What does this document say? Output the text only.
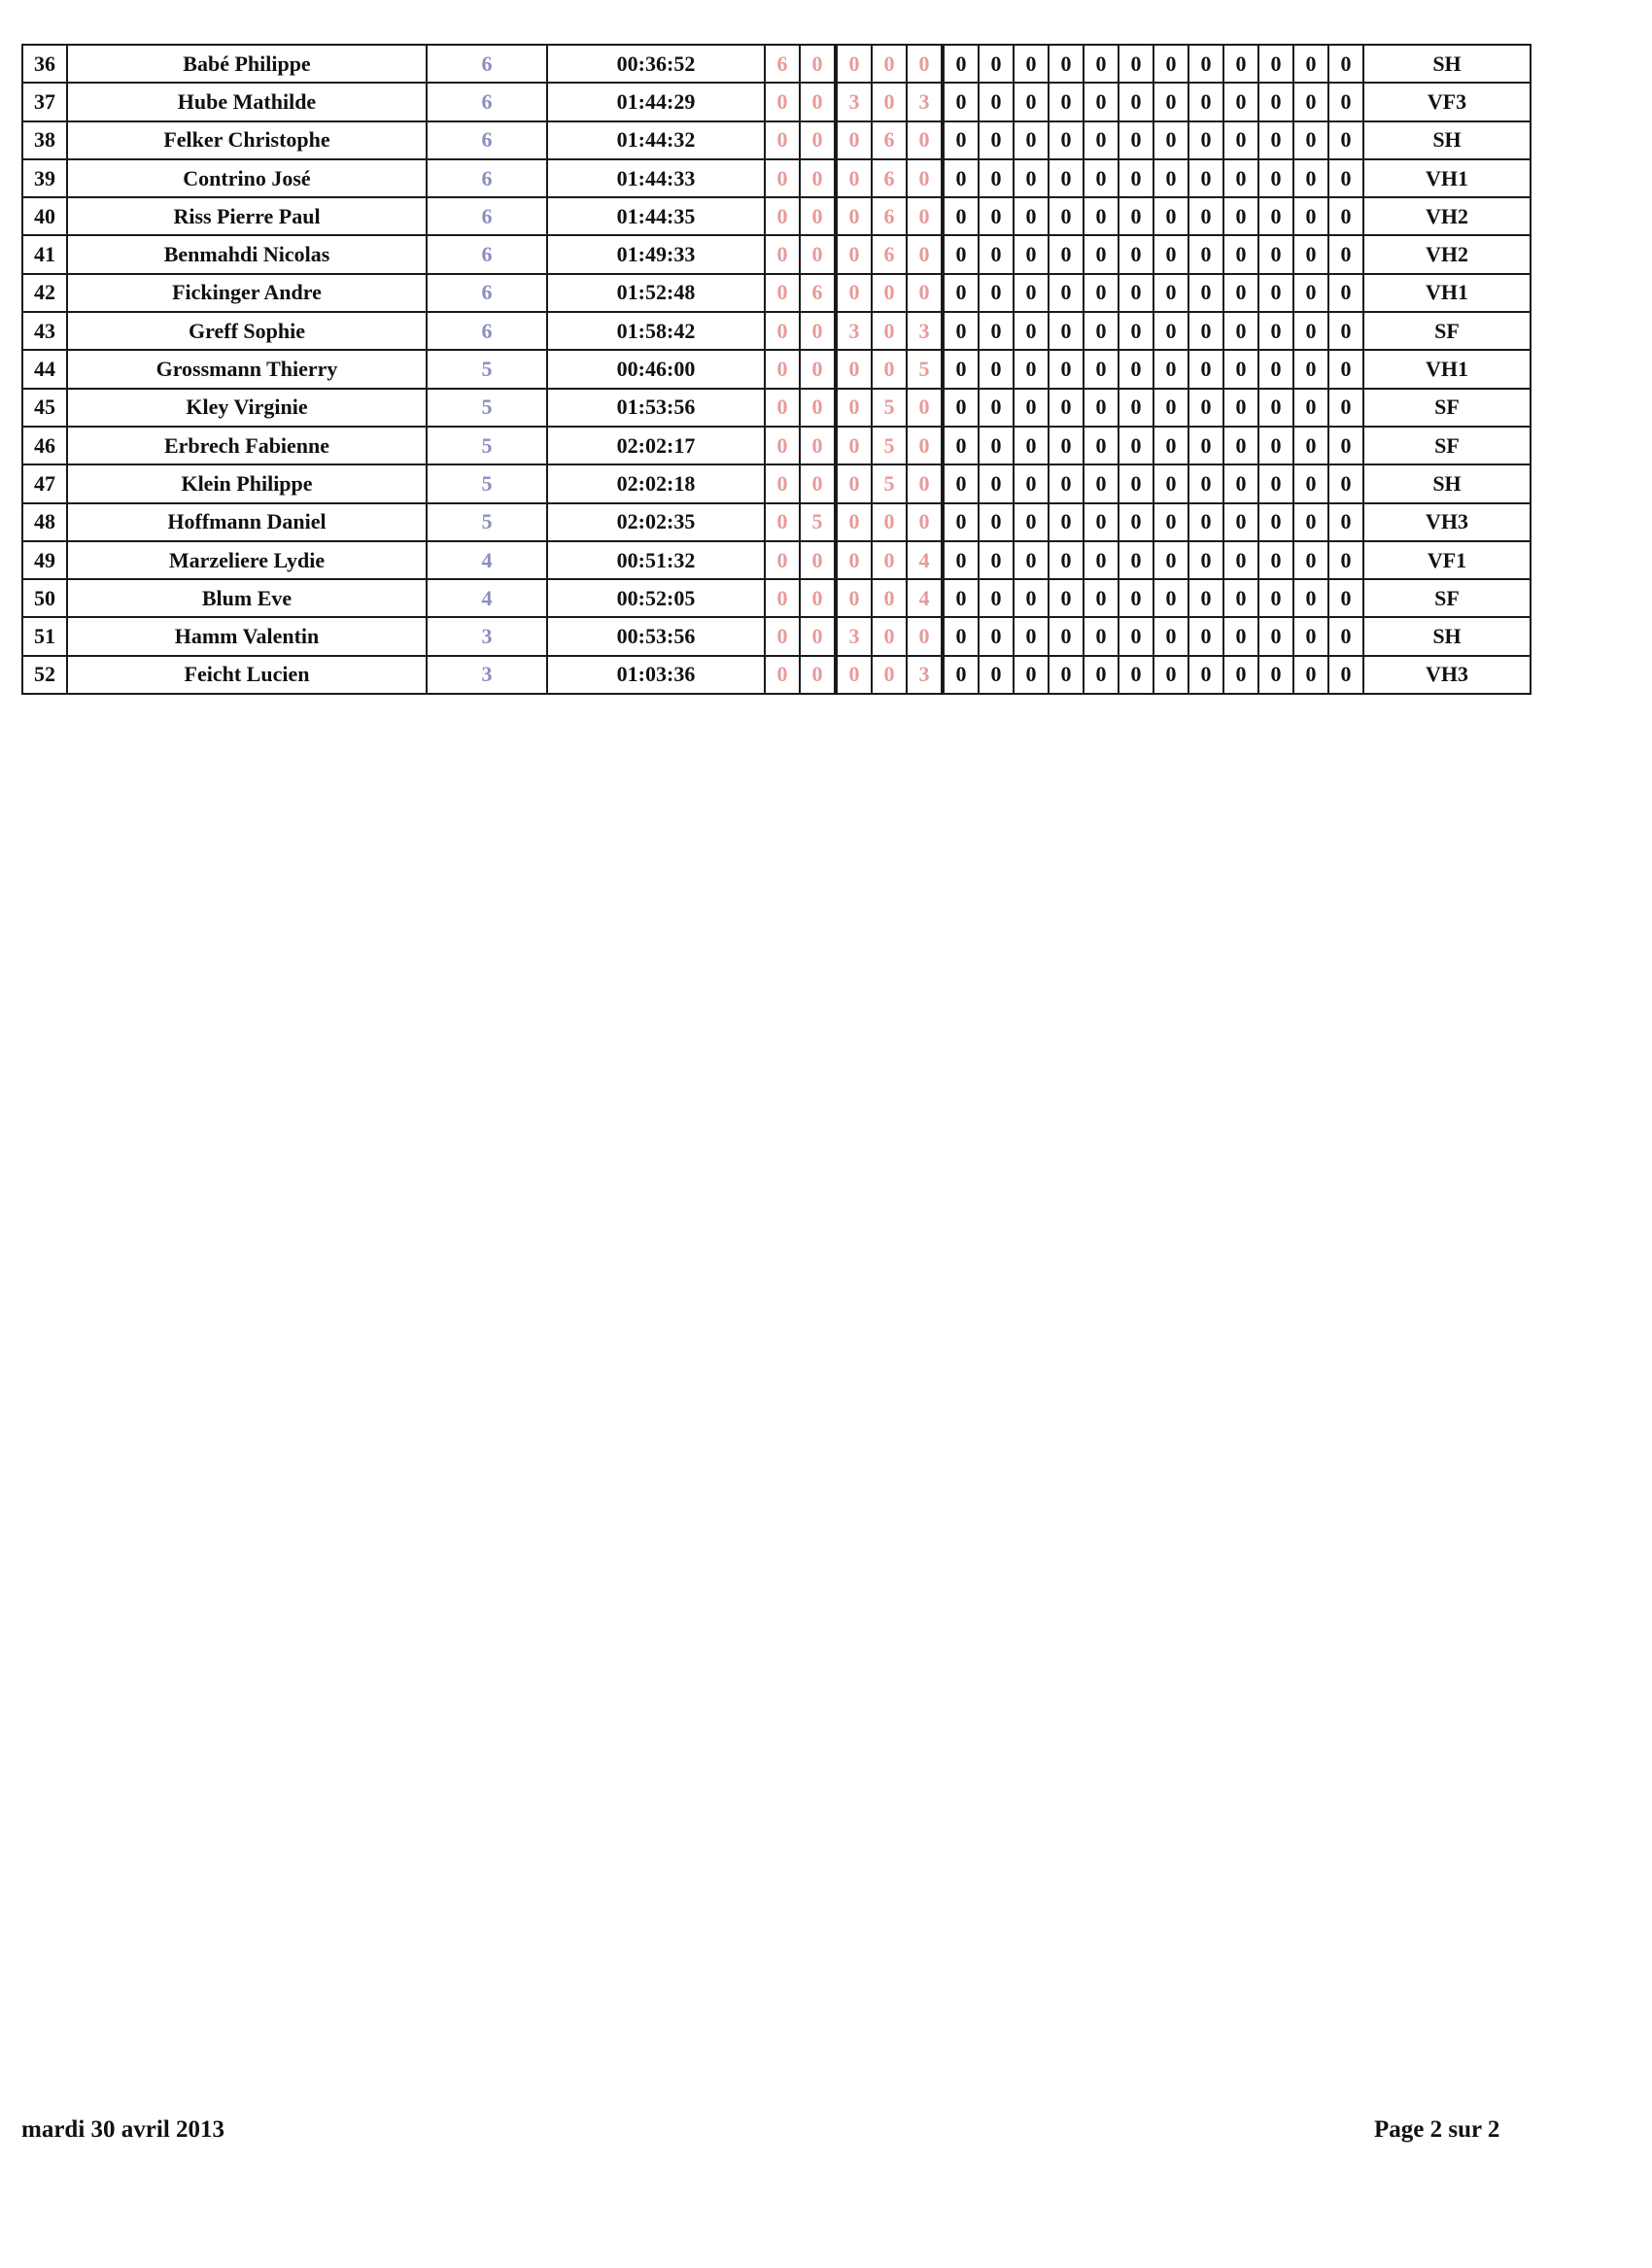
36	Babé Philippe	6	00:36:52	6	0	0	0	0	0	0	0	0	0	0	0	0	0	0	0	0	SH
37	Hube Mathilde	6	01:44:29	0	0	3	0	3	0	0	0	0	0	0	0	0	0	0	0	0	VF3
38	Felker Christophe	6	01:44:32	0	0	0	6	0	0	0	0	0	0	0	0	0	0	0	0	0	SH
39	Contrino José	6	01:44:33	0	0	0	6	0	0	0	0	0	0	0	0	0	0	0	0	0	VH1
40	Riss Pierre Paul	6	01:44:35	0	0	0	6	0	0	0	0	0	0	0	0	0	0	0	0	0	VH2
41	Benmahdi Nicolas	6	01:49:33	0	0	0	6	0	0	0	0	0	0	0	0	0	0	0	0	0	VH2
42	Fickinger Andre	6	01:52:48	0	6	0	0	0	0	0	0	0	0	0	0	0	0	0	0	0	VH1
43	Greff Sophie	6	01:58:42	0	0	3	0	3	0	0	0	0	0	0	0	0	0	0	0	0	SF
44	Grossmann Thierry	5	00:46:00	0	0	0	0	5	0	0	0	0	0	0	0	0	0	0	0	0	VH1
45	Kley Virginie	5	01:53:56	0	0	0	5	0	0	0	0	0	0	0	0	0	0	0	0	0	SF
46	Erbrech Fabienne	5	02:02:17	0	0	0	5	0	0	0	0	0	0	0	0	0	0	0	0	0	SF
47	Klein Philippe	5	02:02:18	0	0	0	5	0	0	0	0	0	0	0	0	0	0	0	0	0	SH
48	Hoffmann Daniel	5	02:02:35	0	5	0	0	0	0	0	0	0	0	0	0	0	0	0	0	0	VH3
49	Marzeliere Lydie	4	00:51:32	0	0	0	0	4	0	0	0	0	0	0	0	0	0	0	0	0	VF1
50	Blum Eve	4	00:52:05	0	0	0	0	4	0	0	0	0	0	0	0	0	0	0	0	0	SF
51	Hamm Valentin	3	00:53:56	0	0	3	0	0	0	0	0	0	0	0	0	0	0	0	0	0	SH
52	Feicht Lucien	3	01:03:36	0	0	0	0	3	0	0	0	0	0	0	0	0	0	0	0	0	VH3
mardi 30 avril 2013	Page 2 sur 2
